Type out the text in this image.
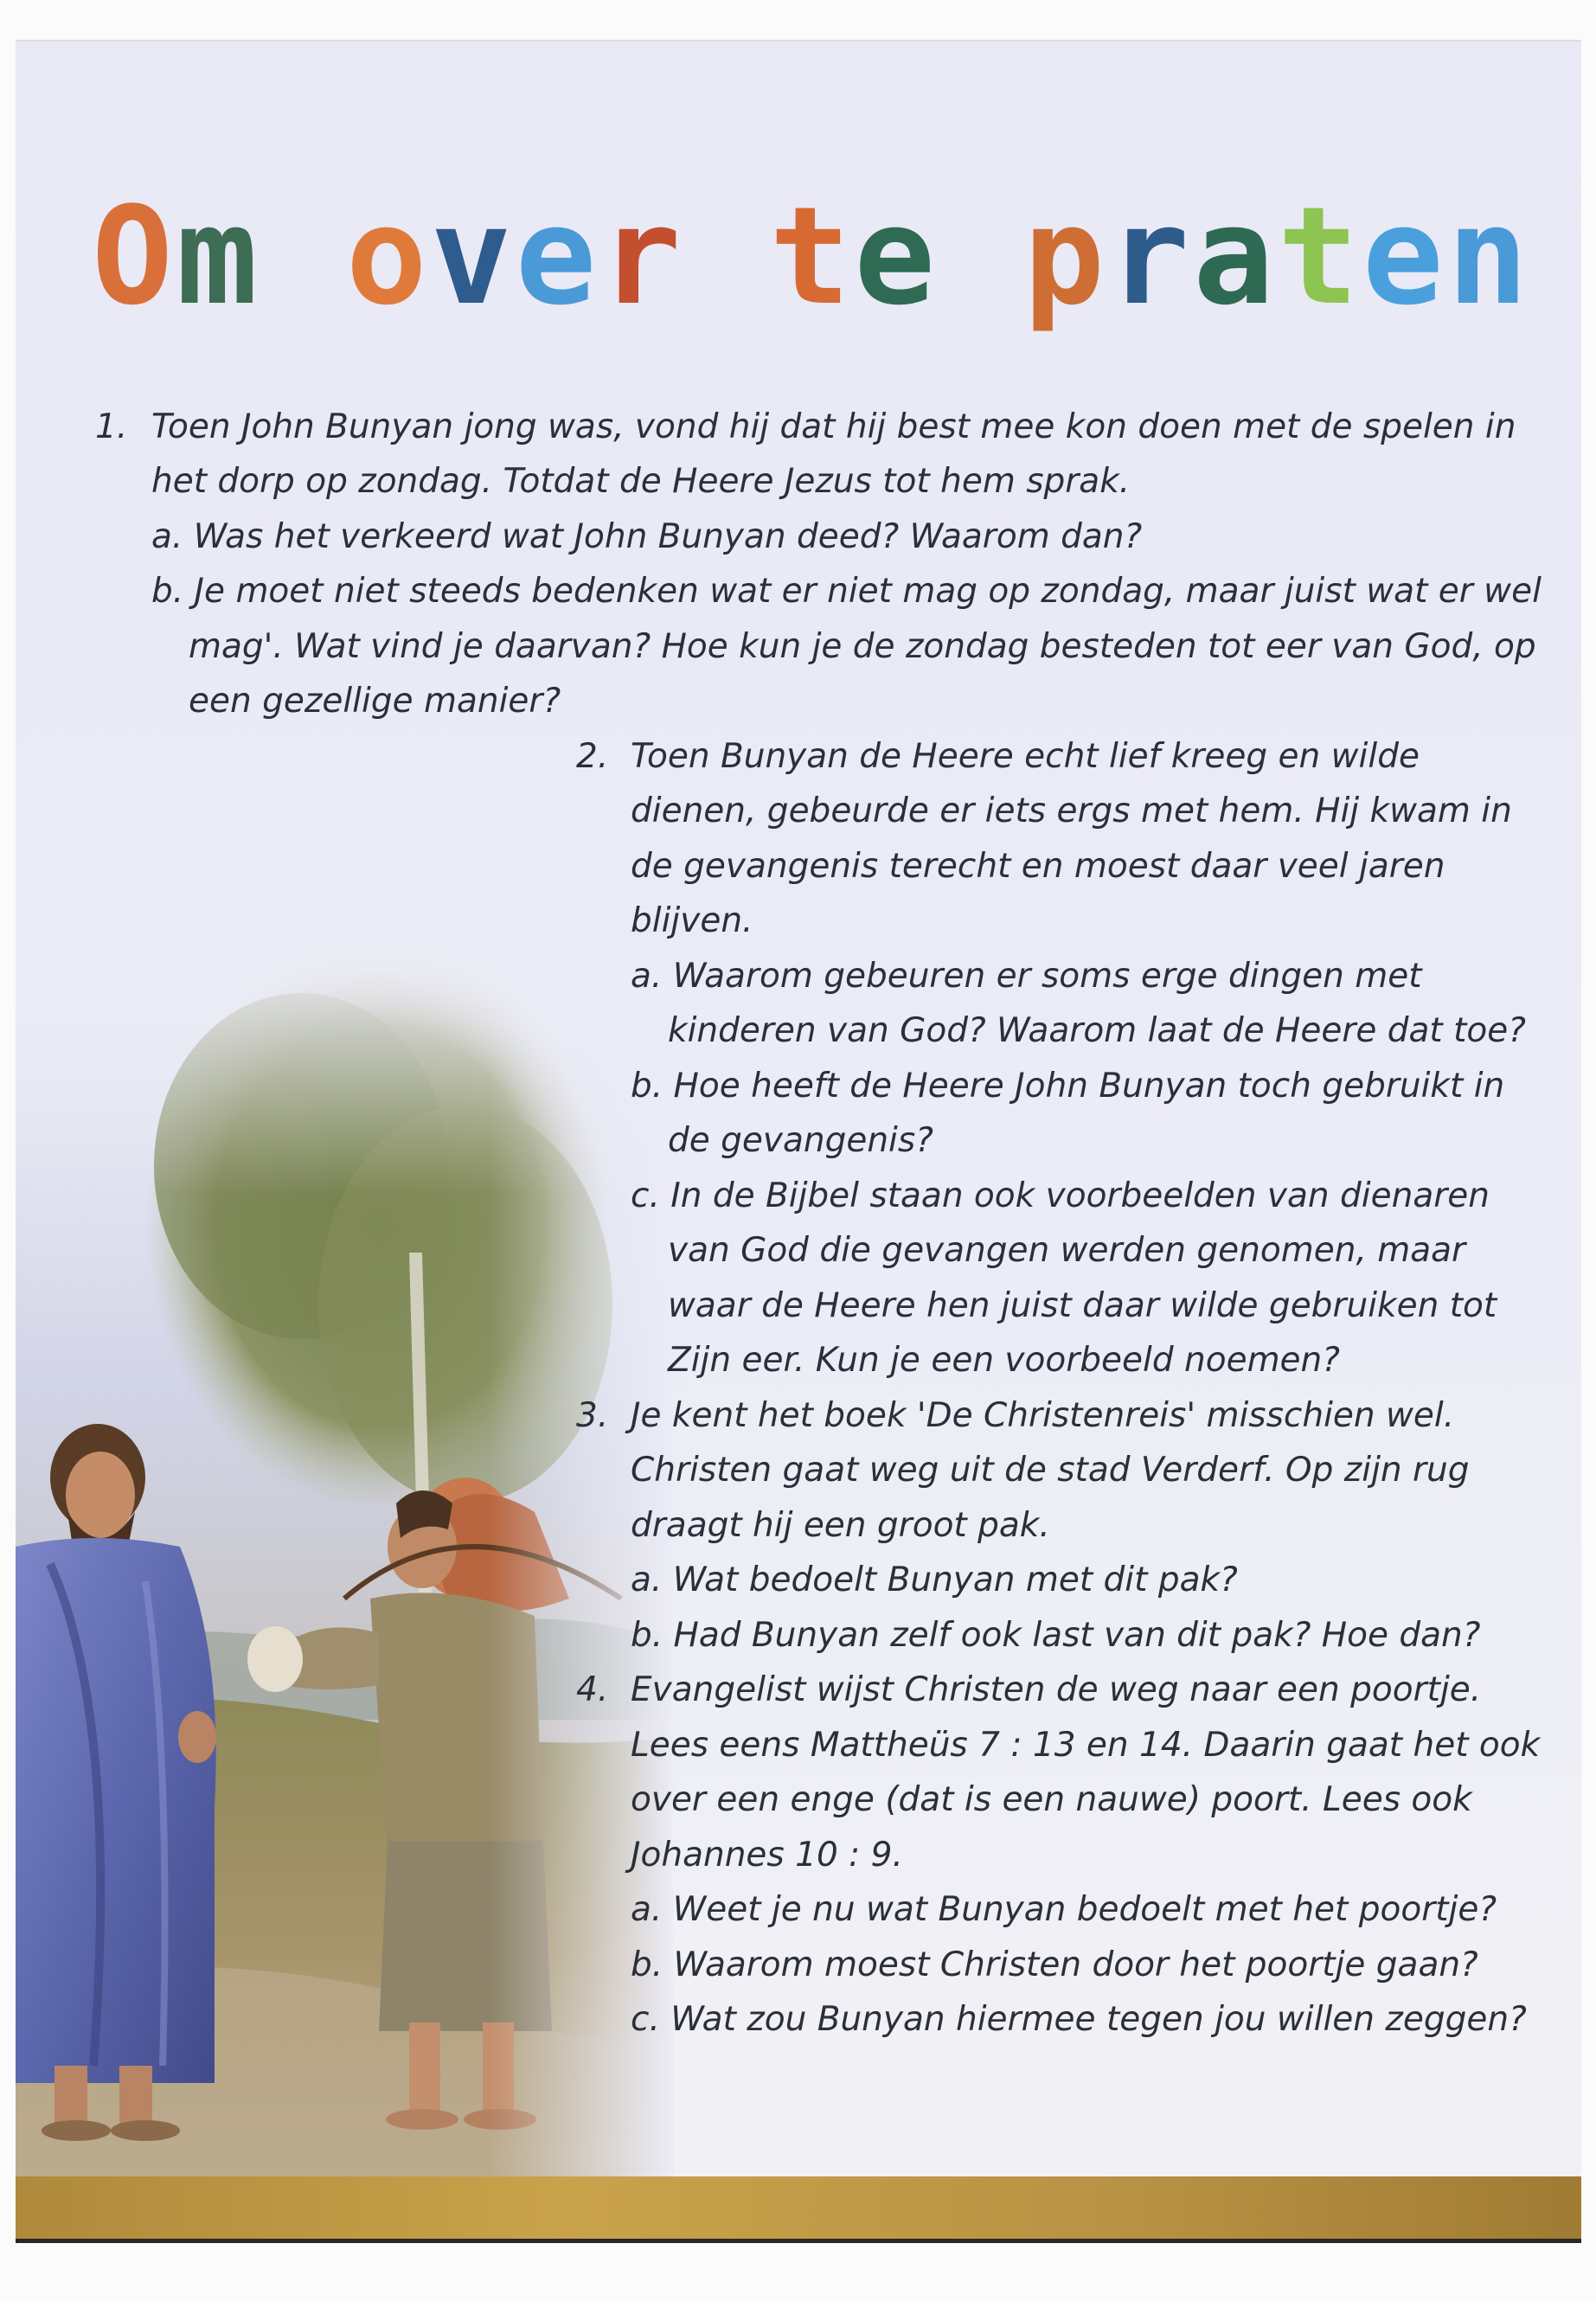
Om over te praten
1. Toen John Bunyan jong was, vond hij dat hij best mee kon doen met de spelen in
het dorp op zondag. Totdat de Heere Jezus tot hem sprak.
a. Was het verkeerd wat John Bunyan deed? Waarom dan?
b. Je moet niet steeds bedenken wat er niet mag op zondag, maar juist wat er wel
mag'. Wat vind je daarvan? Hoe kun je de zondag besteden tot eer van God, op
een gezellige manier?
2. Toen Bunyan de Heere echt lief kreeg en wilde
dienen, gebeurde er iets ergs met hem. Hij kwam in
de gevangenis terecht en moest daar veel jaren
blijven.
a. Waarom gebeuren er soms erge dingen met
kinderen van God? Waarom laat de Heere dat toe?
b. Hoe heeft de Heere John Bunyan toch gebruikt in
de gevangenis?
c. In de Bijbel staan ook voorbeelden van dienaren
van God die gevangen werden genomen, maar
waar de Heere hen juist daar wilde gebruiken tot
Zijn eer. Kun je een voorbeeld noemen?
3. Je kent het boek 'De Christenreis' misschien wel.
Christen gaat weg uit de stad Verderf. Op zijn rug
draagt hij een groot pak.
a. Wat bedoelt Bunyan met dit pak?
b. Had Bunyan zelf ook last van dit pak? Hoe dan?
4. Evangelist wijst Christen de weg naar een poortje.
Lees eens Mattheüs 7 : 13 en 14. Daarin gaat het ook
over een enge (dat is een nauwe) poort. Lees ook
Johannes 10 : 9.
a. Weet je nu wat Bunyan bedoelt met het poortje?
b. Waarom moest Christen door het poortje gaan?
c. Wat zou Bunyan hiermee tegen jou willen zeggen?
